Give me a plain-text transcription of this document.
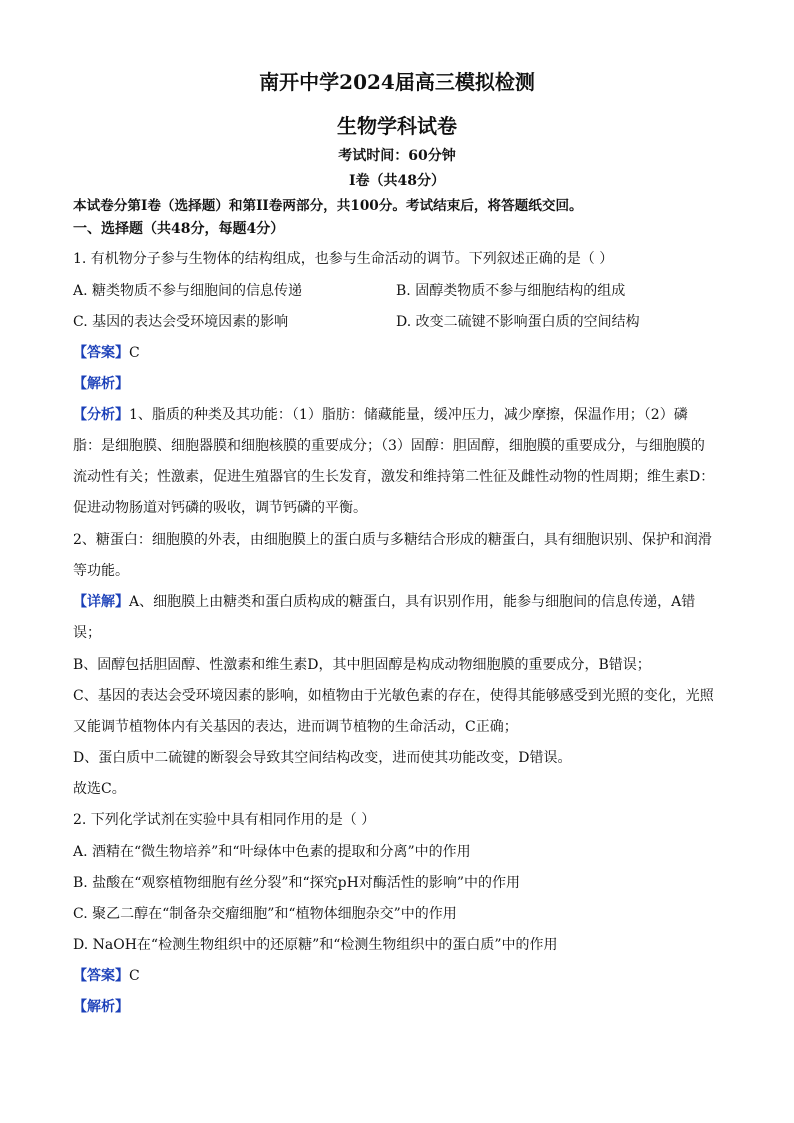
南开中学2024届高三模拟检测
生物学科试卷
考试时间：60分钟
Ⅰ卷（共48分）
本试卷分第Ⅰ卷（选择题）和第II卷两部分，共100分。考试结束后，将答题纸交回。
一、选择题（共48分，每题4分）
1. 有机物分子参与生物体的结构组成，也参与生命活动的调节。下列叙述正确的是（ ）
A. 糖类物质不参与细胞间的信息传递	B. 固醇类物质不参与细胞结构的组成
C. 基因的表达会受环境因素的影响	D. 改变二硫键不影响蛋白质的空间结构
【答案】C
【解析】
【分析】1、脂质的种类及其功能：（1）脂肪：储藏能量，缓冲压力，减少摩擦，保温作用；（2）磷
脂：是细胞膜、细胞器膜和细胞核膜的重要成分；（3）固醇：胆固醇，细胞膜的重要成分，与细胞膜的
流动性有关；性激素，促进生殖器官的生长发育，激发和维持第二性征及雌性动物的性周期；维生素D：
促进动物肠道对钙磷的吸收，调节钙磷的平衡。
2、糖蛋白：细胞膜的外表，由细胞膜上的蛋白质与多糖结合形成的糖蛋白，具有细胞识别、保护和润滑
等功能。
【详解】A、细胞膜上由糖类和蛋白质构成的糖蛋白，具有识别作用，能参与细胞间的信息传递，A错
误；
B、固醇包括胆固醇、性激素和维生素D，其中胆固醇是构成动物细胞膜的重要成分，B错误；
C、基因的表达会受环境因素的影响，如植物由于光敏色素的存在，使得其能够感受到光照的变化，光照
又能调节植物体内有关基因的表达，进而调节植物的生命活动，C正确；
D、蛋白质中二硫键的断裂会导致其空间结构改变，进而使其功能改变，D错误。
故选C。
2. 下列化学试剂在实验中具有相同作用的是（ ）
A. 酒精在“微生物培养”和“叶绿体中色素的提取和分离”中的作用
B. 盐酸在“观察植物细胞有丝分裂”和“探究pH对酶活性的影响”中的作用
C. 聚乙二醇在“制备杂交瘤细胞”和“植物体细胞杂交”中的作用
D. NaOH在“检测生物组织中的还原糖”和“检测生物组织中的蛋白质”中的作用
【答案】C
【解析】
